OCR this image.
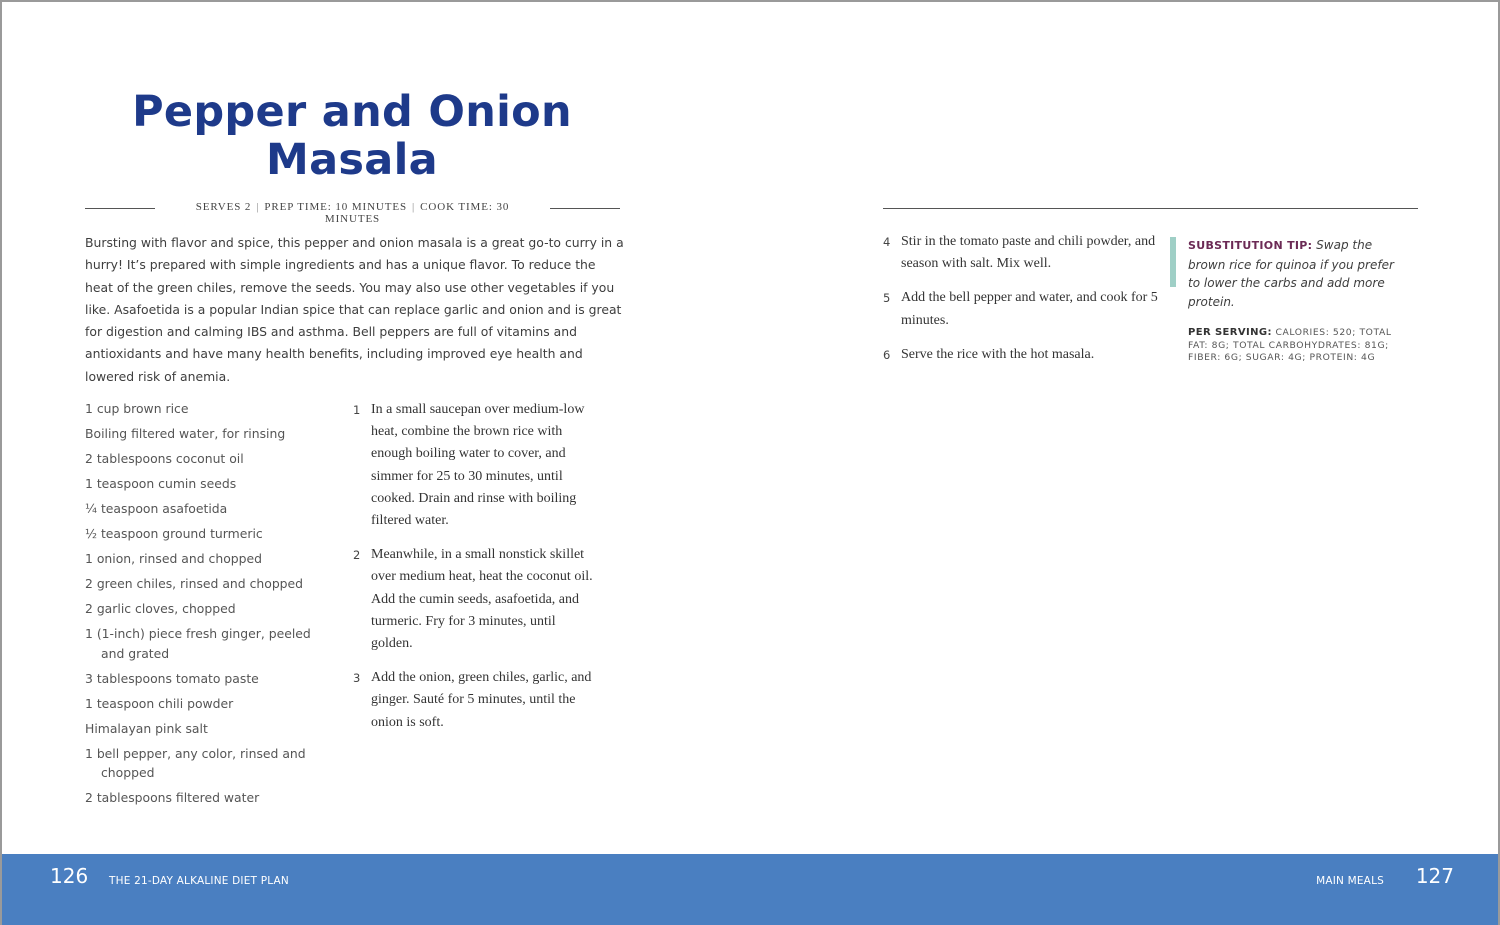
Pepper and Onion
Masala
SERVES 2 | PREP TIME: 10 MINUTES | COOK TIME: 30 MINUTES

Bursting with flavor and spice, this pepper and onion masala is a great go-to curry in a hurry! It’s prepared with simple ingredients and has a unique flavor. To reduce the heat of the green chiles, remove the seeds. You may also use other vegetables if you like. Asafoetida is a popular Indian spice that can replace garlic and onion and is great for digestion and calming IBS and asthma. Bell peppers are full of vitamins and antioxidants and have many health benefits, including improved eye health and lowered risk of anemia.

1 cup brown rice
Boiling filtered water, for rinsing
2 tablespoons coconut oil
1 teaspoon cumin seeds
¼ teaspoon asafoetida
½ teaspoon ground turmeric
1 onion, rinsed and chopped
2 green chiles, rinsed and chopped
2 garlic cloves, chopped
1 (1-inch) piece fresh ginger, peeled and grated
3 tablespoons tomato paste
1 teaspoon chili powder
Himalayan pink salt
1 bell pepper, any color, rinsed and chopped
2 tablespoons filtered water
1 In a small saucepan over medium-low heat, combine the brown rice with enough boiling water to cover, and simmer for 25 to 30 minutes, until cooked. Drain and rinse with boiling filtered water.
2 Meanwhile, in a small nonstick skillet over medium heat, heat the coconut oil. Add the cumin seeds, asafoetida, and turmeric. Fry for 3 minutes, until golden.
3 Add the onion, green chiles, garlic, and ginger. Sauté for 5 minutes, until the onion is soft.
4 Stir in the tomato paste and chili powder, and season with salt. Mix well.
5 Add the bell pepper and water, and cook for 5 minutes.
6 Serve the rice with the hot masala.

SUBSTITUTION TIP: Swap the brown rice for quinoa if you prefer to lower the carbs and add more protein.

PER SERVING: CALORIES: 520; TOTAL FAT: 8G; TOTAL CARBOHYDRATES: 81G; FIBER: 6G; SUGAR: 4G; PROTEIN: 4G

126 THE 21-DAY ALKALINE DIET PLAN	MAIN MEALS 127
